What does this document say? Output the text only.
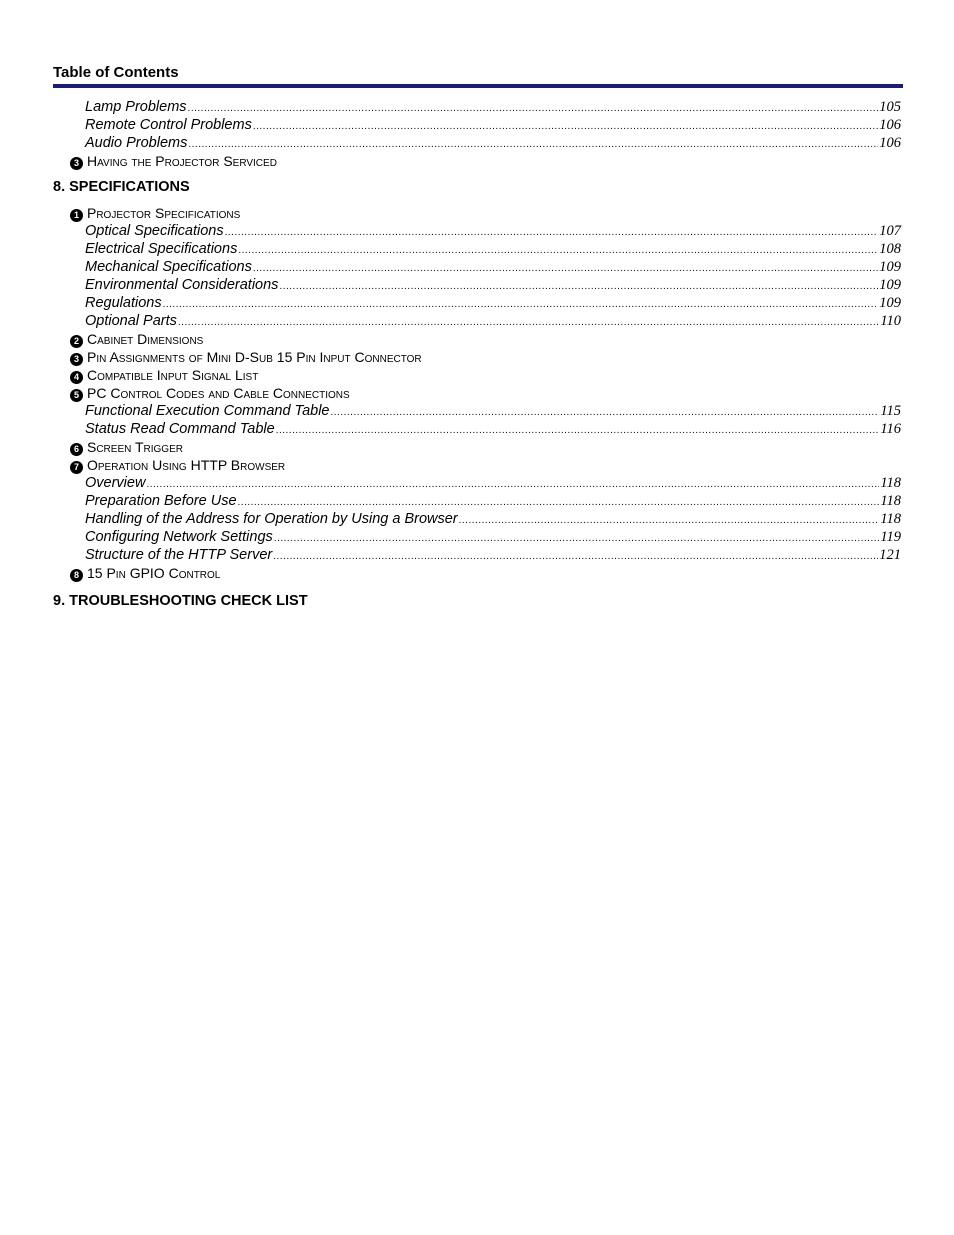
Table of Contents
Lamp Problems .....	105
Remote Control Problems .....	106
Audio Problems .....	106
3 Having the Projector Serviced
8. SPECIFICATIONS
1 Projector Specifications
Optical Specifications .....	107
Electrical Specifications .....	108
Mechanical Specifications .....	109
Environmental Considerations .....	109
Regulations .....	109
Optional Parts .....	110
2 Cabinet Dimensions
3 Pin Assignments of Mini D-Sub 15 Pin Input Connector
4 Compatible Input Signal List
5 PC Control Codes and Cable Connections
Functional Execution Command Table .....	115
Status Read Command Table .....	116
6 Screen Trigger
7 Operation Using HTTP Browser
Overview .....	118
Preparation Before Use .....	118
Handling of the Address for Operation by Using a Browser .....	118
Configuring Network Settings .....	119
Structure of the HTTP Server .....	121
8 15 Pin GPIO Control
9. TROUBLESHOOTING CHECK LIST
